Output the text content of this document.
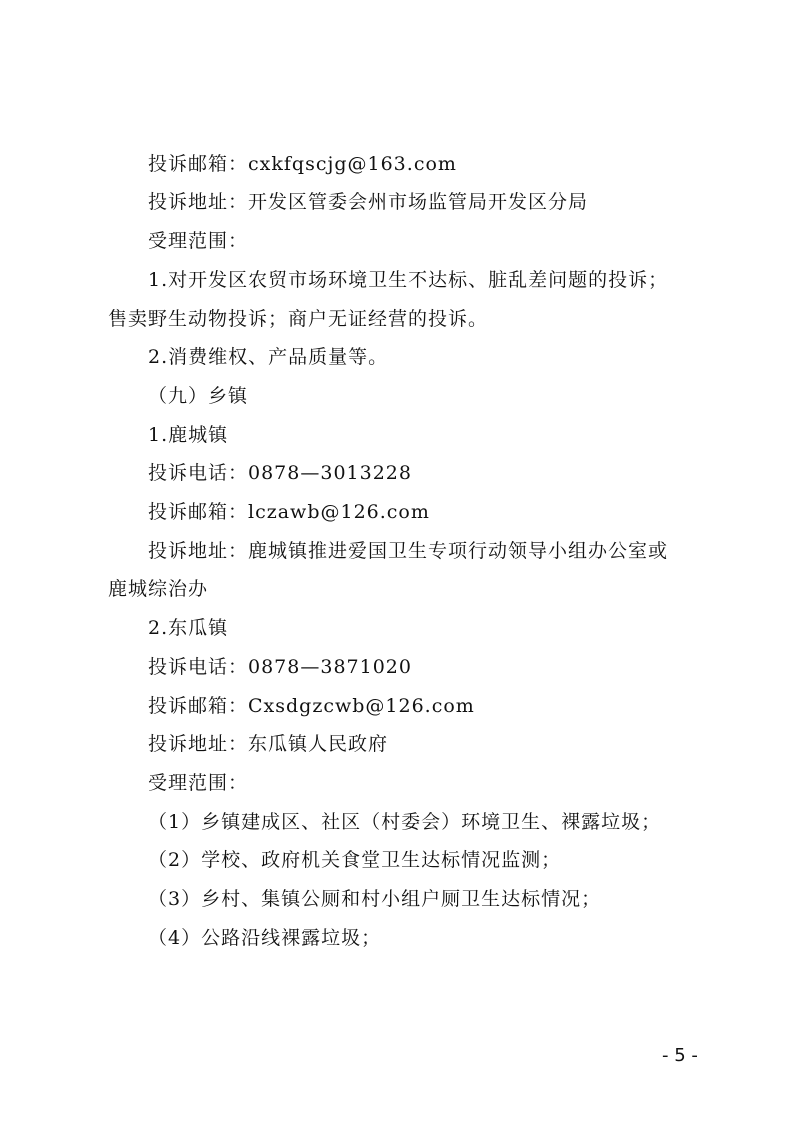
投诉邮箱：cxkfqscjg@163.com
投诉地址：开发区管委会州市场监管局开发区分局
受理范围：
1.对开发区农贸市场环境卫生不达标、脏乱差问题的投诉；
售卖野生动物投诉；商户无证经营的投诉。
2.消费维权、产品质量等。
（九）乡镇
1.鹿城镇
投诉电话：0878—3013228
投诉邮箱：lczawb@126.com
投诉地址：鹿城镇推进爱国卫生专项行动领导小组办公室或
鹿城综治办
2.东瓜镇
投诉电话：0878—3871020
投诉邮箱：Cxsdgzcwb@126.com
投诉地址：东瓜镇人民政府
受理范围：
（1）乡镇建成区、社区（村委会）环境卫生、裸露垃圾；
（2）学校、政府机关食堂卫生达标情况监测；
（3）乡村、集镇公厕和村小组户厕卫生达标情况；
（4）公路沿线裸露垃圾；
- 5 -
